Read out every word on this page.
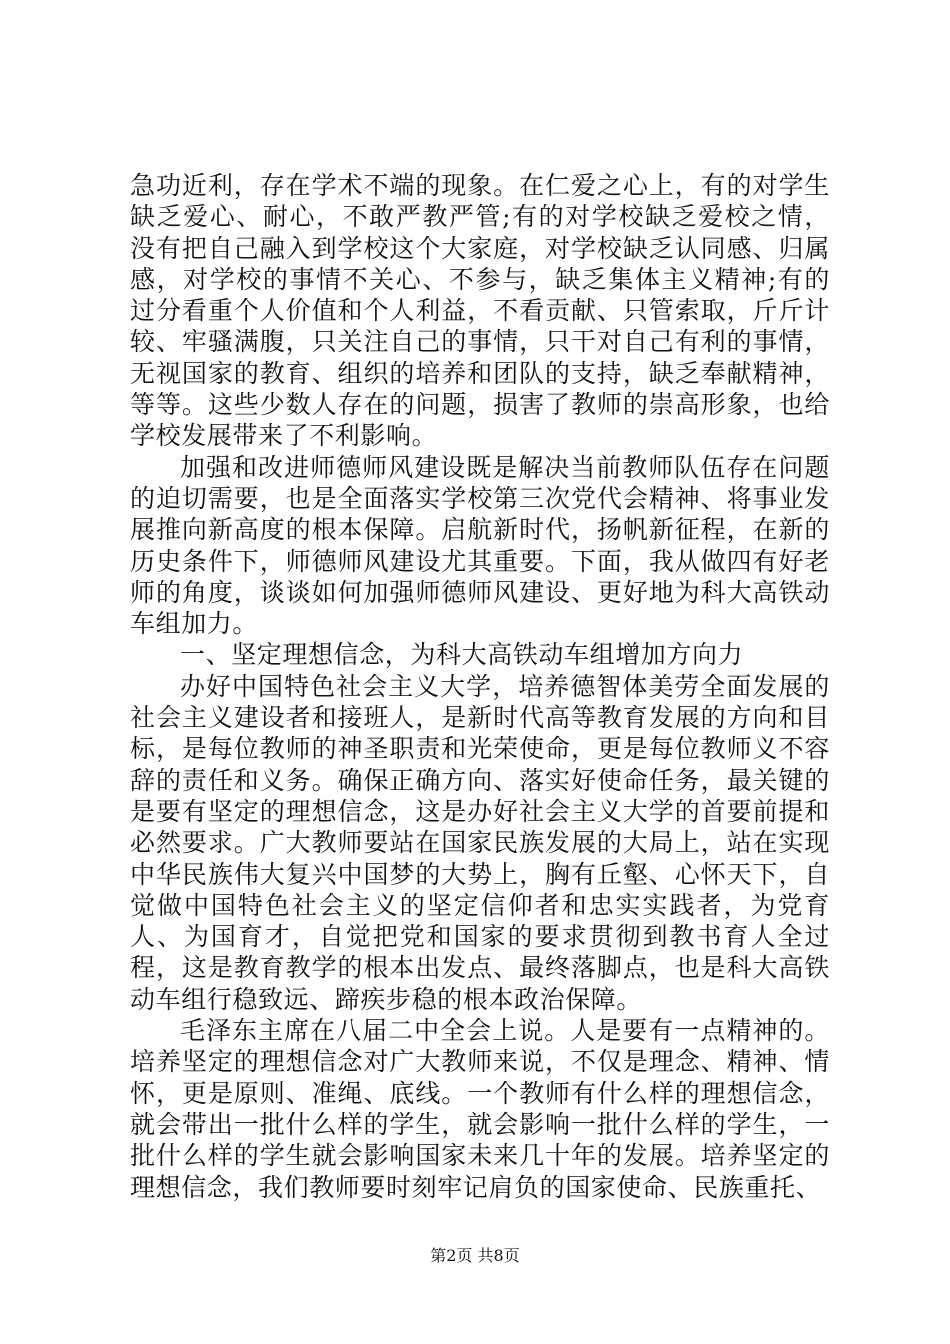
急功近利，存在学术不端的现象。在仁爱之心上，有的对学生缺乏爱心、耐心，不敢严教严管;有的对学校缺乏爱校之情，没有把自己融入到学校这个大家庭，对学校缺乏认同感、归属感，对学校的事情不关心、不参与，缺乏集体主义精神;有的过分看重个人价值和个人利益，不看贡献、只管索取，斤斤计较、牢骚满腹，只关注自己的事情，只干对自己有利的事情，无视国家的教育、组织的培养和团队的支持，缺乏奉献精神，等等。这些少数人存在的问题，损害了教师的崇高形象，也给学校发展带来了不利影响。

加强和改进师德师风建设既是解决当前教师队伍存在问题的迫切需要，也是全面落实学校第三次党代会精神、将事业发展推向新高度的根本保障。启航新时代，扬帆新征程，在新的历史条件下，师德师风建设尤其重要。下面，我从做四有好老师的角度，谈谈如何加强师德师风建设、更好地为科大高铁动车组加力。

一、坚定理想信念，为科大高铁动车组增加方向力

办好中国特色社会主义大学，培养德智体美劳全面发展的社会主义建设者和接班人，是新时代高等教育发展的方向和目标，是每位教师的神圣职责和光荣使命，更是每位教师义不容辞的责任和义务。确保正确方向、落实好使命任务，最关键的是要有坚定的理想信念，这是办好社会主义大学的首要前提和必然要求。广大教师要站在国家民族发展的大局上，站在实现中华民族伟大复兴中国梦的大势上，胸有丘壑、心怀天下，自觉做中国特色社会主义的坚定信仰者和忠实实践者，为党育人、为国育才，自觉把党和国家的要求贯彻到教书育人全过程，这是教育教学的根本出发点、最终落脚点，也是科大高铁动车组行稳致远、蹄疾步稳的根本政治保障。

毛泽东主席在八届二中全会上说。人是要有一点精神的。培养坚定的理想信念对广大教师来说，不仅是理念、精神、情怀，更是原则、准绳、底线。一个教师有什么样的理想信念，就会带出一批什么样的学生，就会影响一批什么样的学生，一批什么样的学生就会影响国家未来几十年的发展。培养坚定的理想信念，我们教师要时刻牢记肩负的国家使命、民族重托、

第2页 共8页
